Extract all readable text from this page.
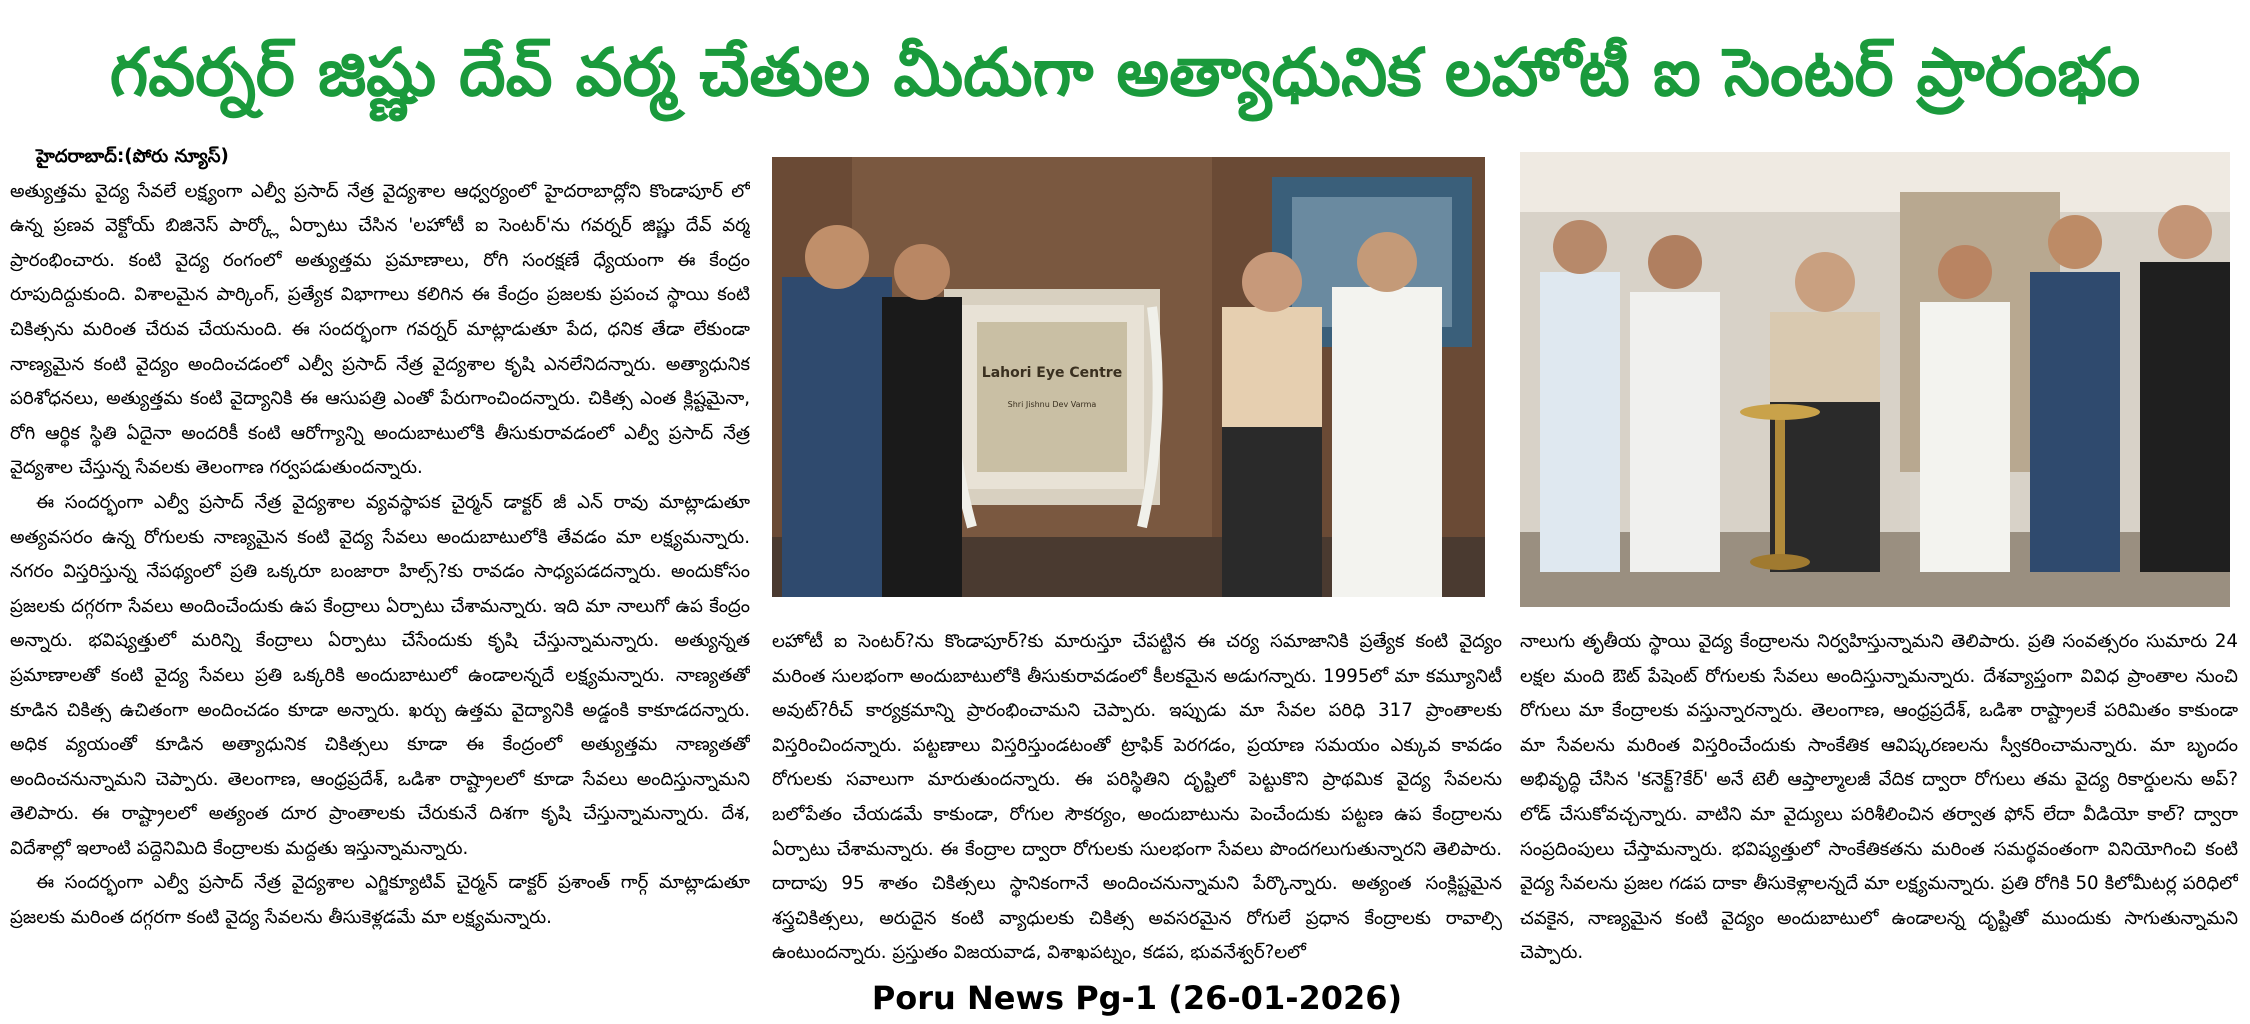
గవర్నర్ జిష్ణు దేవ్ వర్మ చేతుల మీదుగా అత్యాధునిక లహోటీ ఐ సెంటర్ ప్రారంభం

హైదరాబాద్:(పోరు న్యూస్)
అత్యుత్తమ వైద్య సేవలే లక్ష్యంగా ఎల్వీ ప్రసాద్ నేత్ర వైద్యశాల ఆధ్వర్యంలో హైదరాబాద్లోని కొండాపూర్ లో ఉన్న ప్రణవ వెక్టోయ్ బిజినెస్ పార్క్లో ఏర్పాటు చేసిన 'లహోటీ ఐ సెంటర్'ను గవర్నర్ జిష్ణు దేవ్ వర్మ ప్రారంభించారు. కంటి వైద్య రంగంలో అత్యుత్తమ ప్రమాణాలు, రోగి సంరక్షణే ధ్యేయంగా ఈ కేంద్రం రూపుదిద్దుకుంది. విశాలమైన పార్కింగ్, ప్రత్యేక విభాగాలు కలిగిన ఈ కేంద్రం ప్రజలకు ప్రపంచ స్థాయి కంటి చికిత్సను మరింత చేరువ చేయనుంది. ఈ సందర్భంగా గవర్నర్ మాట్లాడుతూ పేద, ధనిక తేడా లేకుండా నాణ్యమైన కంటి వైద్యం అందించడంలో ఎల్వీ ప్రసాద్ నేత్ర వైద్యశాల కృషి ఎనలేనిదన్నారు. అత్యాధునిక పరిశోధనలు, అత్యుత్తమ కంటి వైద్యానికి ఈ ఆసుపత్రి ఎంతో పేరుగాంచిందన్నారు. చికిత్స ఎంత క్లిష్టమైనా, రోగి ఆర్థిక స్థితి ఏదైనా అందరికీ కంటి ఆరోగ్యాన్ని అందుబాటులోకి తీసుకురావడంలో ఎల్వీ ప్రసాద్ నేత్ర వైద్యశాల చేస్తున్న సేవలకు తెలంగాణ గర్వపడుతుందన్నారు.

ఈ సందర్భంగా ఎల్వీ ప్రసాద్ నేత్ర వైద్యశాల వ్యవస్థాపక చైర్మన్ డాక్టర్ జీ ఎన్ రావు మాట్లాడుతూ అత్యవసరం ఉన్న రోగులకు నాణ్యమైన కంటి వైద్య సేవలు అందుబాటులోకి తేవడం మా లక్ష్యమన్నారు. నగరం విస్తరిస్తున్న నేపథ్యంలో ప్రతి ఒక్కరూ బంజారా హిల్స్?కు రావడం సాధ్యపడదన్నారు. అందుకోసం ప్రజలకు దగ్గరగా సేవలు అందించేందుకు ఉప కేంద్రాలు ఏర్పాటు చేశామన్నారు. ఇది మా నాలుగో ఉప కేంద్రం అన్నారు. భవిష్యత్తులో మరిన్ని కేంద్రాలు ఏర్పాటు చేసేందుకు కృషి చేస్తున్నామన్నారు. అత్యున్నత ప్రమాణాలతో కంటి వైద్య సేవలు ప్రతి ఒక్కరికి అందుబాటులో ఉండాలన్నదే లక్ష్యమన్నారు. నాణ్యతతో కూడిన చికిత్స ఉచితంగా అందించడం కూడా అన్నారు. ఖర్చు ఉత్తమ వైద్యానికి అడ్డంకి కాకూడదన్నారు. అధిక వ్యయంతో కూడిన అత్యాధునిక చికిత్సలు కూడా ఈ కేంద్రంలో అత్యుత్తమ నాణ్యతతో అందించనున్నామని చెప్పారు. తెలంగాణ, ఆంధ్రప్రదేశ్, ఒడిశా రాష్ట్రాలలో కూడా సేవలు అందిస్తున్నామని తెలిపారు. ఈ రాష్ట్రాలలో అత్యంత దూర ప్రాంతాలకు చేరుకునే దిశగా కృషి చేస్తున్నామన్నారు. దేశ, విదేశాల్లో ఇలాంటి పద్దెనిమిది కేంద్రాలకు మద్దతు ఇస్తున్నామన్నారు.

ఈ సందర్భంగా ఎల్వీ ప్రసాద్ నేత్ర వైద్యశాల ఎగ్జిక్యూటివ్ చైర్మన్ డాక్టర్ ప్రశాంత్ గార్గ్ మాట్లాడుతూ ప్రజలకు మరింత దగ్గరగా కంటి వైద్య సేవలను తీసుకెళ్లడమే మా లక్ష్యమన్నారు.

Lahori Eye Centre
Shri Jishnu Dev Varma

లహోటీ ఐ సెంటర్?ను కొండాపూర్?కు మారుస్తూ చేపట్టిన ఈ చర్య సమాజానికి ప్రత్యేక కంటి వైద్యం మరింత సులభంగా అందుబాటులోకి తీసుకురావడంలో కీలకమైన అడుగన్నారు. 1995లో మా కమ్యూనిటీ అవుట్?రీచ్ కార్యక్రమాన్ని ప్రారంభించామని చెప్పారు. ఇప్పుడు మా సేవల పరిధి 317 ప్రాంతాలకు విస్తరించిందన్నారు. పట్టణాలు విస్తరిస్తుండటంతో ట్రాఫిక్ పెరగడం, ప్రయాణ సమయం ఎక్కువ కావడం రోగులకు సవాలుగా మారుతుందన్నారు. ఈ పరిస్థితిని దృష్టిలో పెట్టుకొని ప్రాథమిక వైద్య సేవలను బలోపేతం చేయడమే కాకుండా, రోగుల సౌకర్యం, అందుబాటును పెంచేందుకు పట్టణ ఉప కేంద్రాలను ఏర్పాటు చేశామన్నారు. ఈ కేంద్రాల ద్వారా రోగులకు సులభంగా సేవలు పొందగలుగుతున్నారని తెలిపారు. దాదాపు 95 శాతం చికిత్సలు స్థానికంగానే అందించనున్నామని పేర్కొన్నారు. అత్యంత సంక్లిష్టమైన శస్త్రచికిత్సలు, అరుదైన కంటి వ్యాధులకు చికిత్స అవసరమైన రోగులే ప్రధాన కేంద్రాలకు రావాల్సి ఉంటుందన్నారు. ప్రస్తుతం విజయవాడ, విశాఖపట్నం, కడప, భువనేశ్వర్?లలో

నాలుగు తృతీయ స్థాయి వైద్య కేంద్రాలను నిర్వహిస్తున్నామని తెలిపారు. ప్రతి సంవత్సరం సుమారు 24 లక్షల మంది ఔట్ పేషెంట్ రోగులకు సేవలు అందిస్తున్నామన్నారు. దేశవ్యాప్తంగా వివిధ ప్రాంతాల నుంచి రోగులు మా కేంద్రాలకు వస్తున్నారన్నారు. తెలంగాణ, ఆంధ్రప్రదేశ్, ఒడిశా రాష్ట్రాలకే పరిమితం కాకుండా మా సేవలను మరింత విస్తరించేందుకు సాంకేతిక ఆవిష్కరణలను స్వీకరించామన్నారు. మా బృందం అభివృద్ధి చేసిన 'కనెక్ట్?కేర్' అనే టెలీ ఆప్తాల్మాలజీ వేదిక ద్వారా రోగులు తమ వైద్య రికార్డులను అప్?లోడ్ చేసుకోవచ్చన్నారు. వాటిని మా వైద్యులు పరిశీలించిన తర్వాత ఫోన్ లేదా వీడియో కాల్? ద్వారా సంప్రదింపులు చేస్తామన్నారు. భవిష్యత్తులో సాంకేతికతను మరింత సమర్థవంతంగా వినియోగించి కంటి వైద్య సేవలను ప్రజల గడప దాకా తీసుకెళ్లాలన్నదే మా లక్ష్యమన్నారు. ప్రతి రోగికి 50 కిలోమీటర్ల పరిధిలో చవకైన, నాణ్యమైన కంటి వైద్యం అందుబాటులో ఉండాలన్న దృష్టితో ముందుకు సాగుతున్నామని చెప్పారు.

Poru News Pg-1 (26-01-2026)
